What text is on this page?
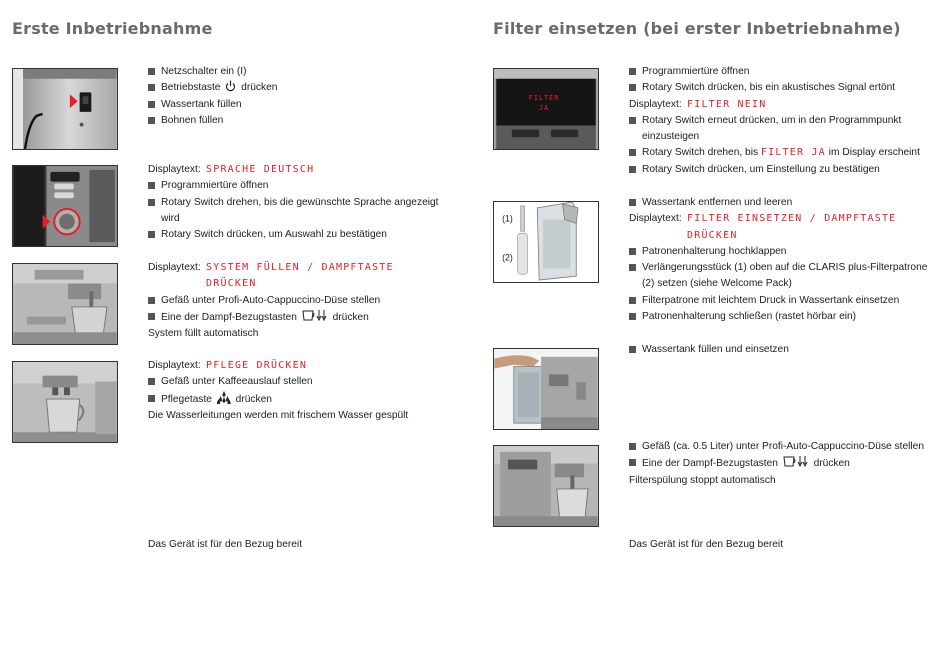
Erste Inbetriebnahme
Netzschalter ein (I)
Betriebstaste drücken
Wassertank füllen
Bohnen füllen
Displaytext: SPRACHE DEUTSCH
Programmiertüre öffnen
Rotary Switch drehen, bis die gewünschte Sprache angezeigt wird
Rotary Switch drücken, um Auswahl zu bestätigen
Displaytext: SYSTEM FÜLLEN / DAMPFTASTE
DRÜCKEN
Gefäß unter Profi-Auto-Cappuccino-Düse stellen
Eine der Dampf-Bezugstasten	drücken
System füllt automatisch
Displaytext: PFLEGE DRÜCKEN
Gefäß unter Kaffeeauslauf stellen
Pflegetaste drücken
Die Wasserleitungen werden mit frischem Wasser gespült
Das Gerät ist für den Bezug bereit
Filter einsetzen (bei erster Inbetriebnahme)
FILTER
JA
Programmiertüre öffnen
Rotary Switch drücken, bis ein akustisches Signal ertönt
Displaytext: FILTER NEIN
Rotary Switch erneut drücken, um in den Programmpunkt einzusteigen
Rotary Switch drehen, bis FILTER JA im Display erscheint
Rotary Switch drücken, um Einstellung zu bestätigen
(1)
(2)
Wassertank entfernen und leeren
Displaytext: FILTER EINSETZEN / DAMPFTASTE
DRÜCKEN
Patronenhalterung hochklappen
Verlängerungsstück (1) oben auf die CLARIS plus-Filterpatrone (2) setzen (siehe Welcome Pack)
Filterpatrone mit leichtem Druck in Wassertank einsetzen
Patronenhalterung schließen (rastet hörbar ein)
Wassertank füllen und einsetzen
Gefäß (ca. 0.5 Liter) unter Profi-Auto-Cappuccino-Düse stellen
Eine der Dampf-Bezugstasten	drücken
Filterspülung stoppt automatisch
Das Gerät ist für den Bezug bereit
